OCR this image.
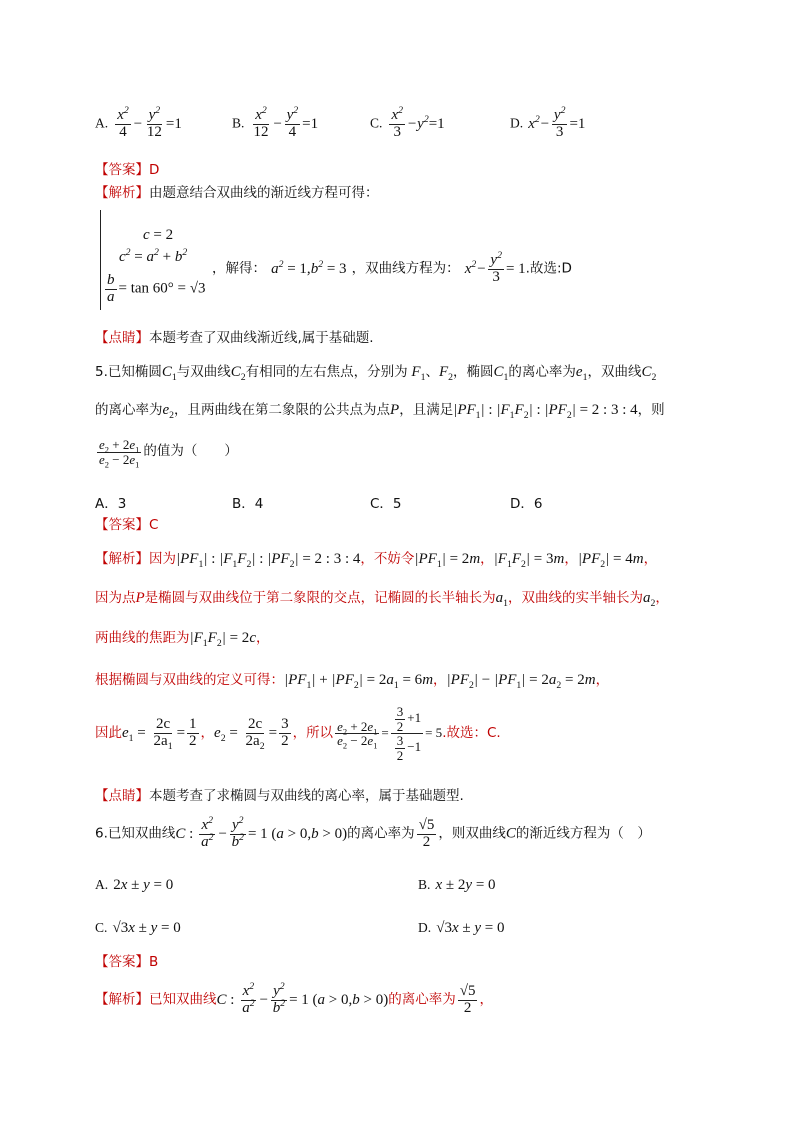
A. $\frac{x^2}{4} - \frac{y^2}{12} =1$	B. $\frac{x^2}{12} - \frac{y^2}{4} =1$	C. $\frac{x^2}{3} -y^2=1$	D. $x^2- \frac{y^2}{3} =1$
【答案】D
【解析】由题意结合双曲线的渐近线方程可得：
c = 2
$c^2 = a^2 + b^2$
$\frac{b}{a} = \tan 60^\circ = √3$
，解得： $a^2 = 1,b^2 = 3$ ，双曲线方程为： $x^2- \frac{y^2}{3} = 1$.故选:D
【点睛】本题考查了双曲线渐近线,属于基础题.
5.已知椭圆$C_1$与双曲线$C_2$有相同的左右焦点，分别为 $F_1$、$F_2$，椭圆$C_1$的离心率为$e_1$，双曲线$C_2$
的离心率为$e_2$，且两曲线在第二象限的公共点为点P，且满足$|PF_1|$ : $|F_1F_2|$ : $|PF_2| = 2$ : 3 : 4，则
$\frac{e_2 + 2e_1}{e_2 - 2e_1}$ 的值为（　　）
A．3	B．4	C．5	D．6
【答案】C
【解析】因为$|PF_1|$ : $|F_1F_2|$ : $|PF_2| = 2$ : 3 : 4，不妨令$|PF_1| = 2m$，$|F_1F_2| = 3m$，$|PF_2| = 4m$，
因为点P是椭圆与双曲线位于第二象限的交点，记椭圆的长半轴长为$a_1$，双曲线的实半轴长为$a_2$，
两曲线的焦距为$|F_1F_2| = 2c$，
根据椭圆与双曲线的定义可得：$|PF_1| + |PF_2| = 2a_1 = 6m$，$|PF_2| - |PF_1| = 2a_2 = 2m$，
因此$e_1 = \frac{2c}{2a_1} = \frac{1}{2}$ ，$e_2 = \frac{2c}{2a_2} = \frac{3}{2}$ ，所以 $\frac{e_2 + 2e_1}{e_2 - 2e_1} = \frac{\frac{3}{2} +1}{\frac{3}{2} -1} = 5$.故选：C.
【点睛】本题考查了求椭圆与双曲线的离心率，属于基础题型.
6.已知双曲线C : $\frac{x^2}{a^2} - \frac{y^2}{b^2} = 1$ (a > 0,b > 0)的离心率为 $\frac{√5}{2}$ ，则双曲线C的渐近线方程为（　）
A. 2x ± y = 0	B. x ± 2y = 0
C. √3x ± y = 0	D. √3x ± y = 0
【答案】B
【解析】已知双曲线C : $\frac{x^2}{a^2} - \frac{y^2}{b^2} = 1$ (a > 0,b > 0)的离心率为 $\frac{√5}{2}$ ，
